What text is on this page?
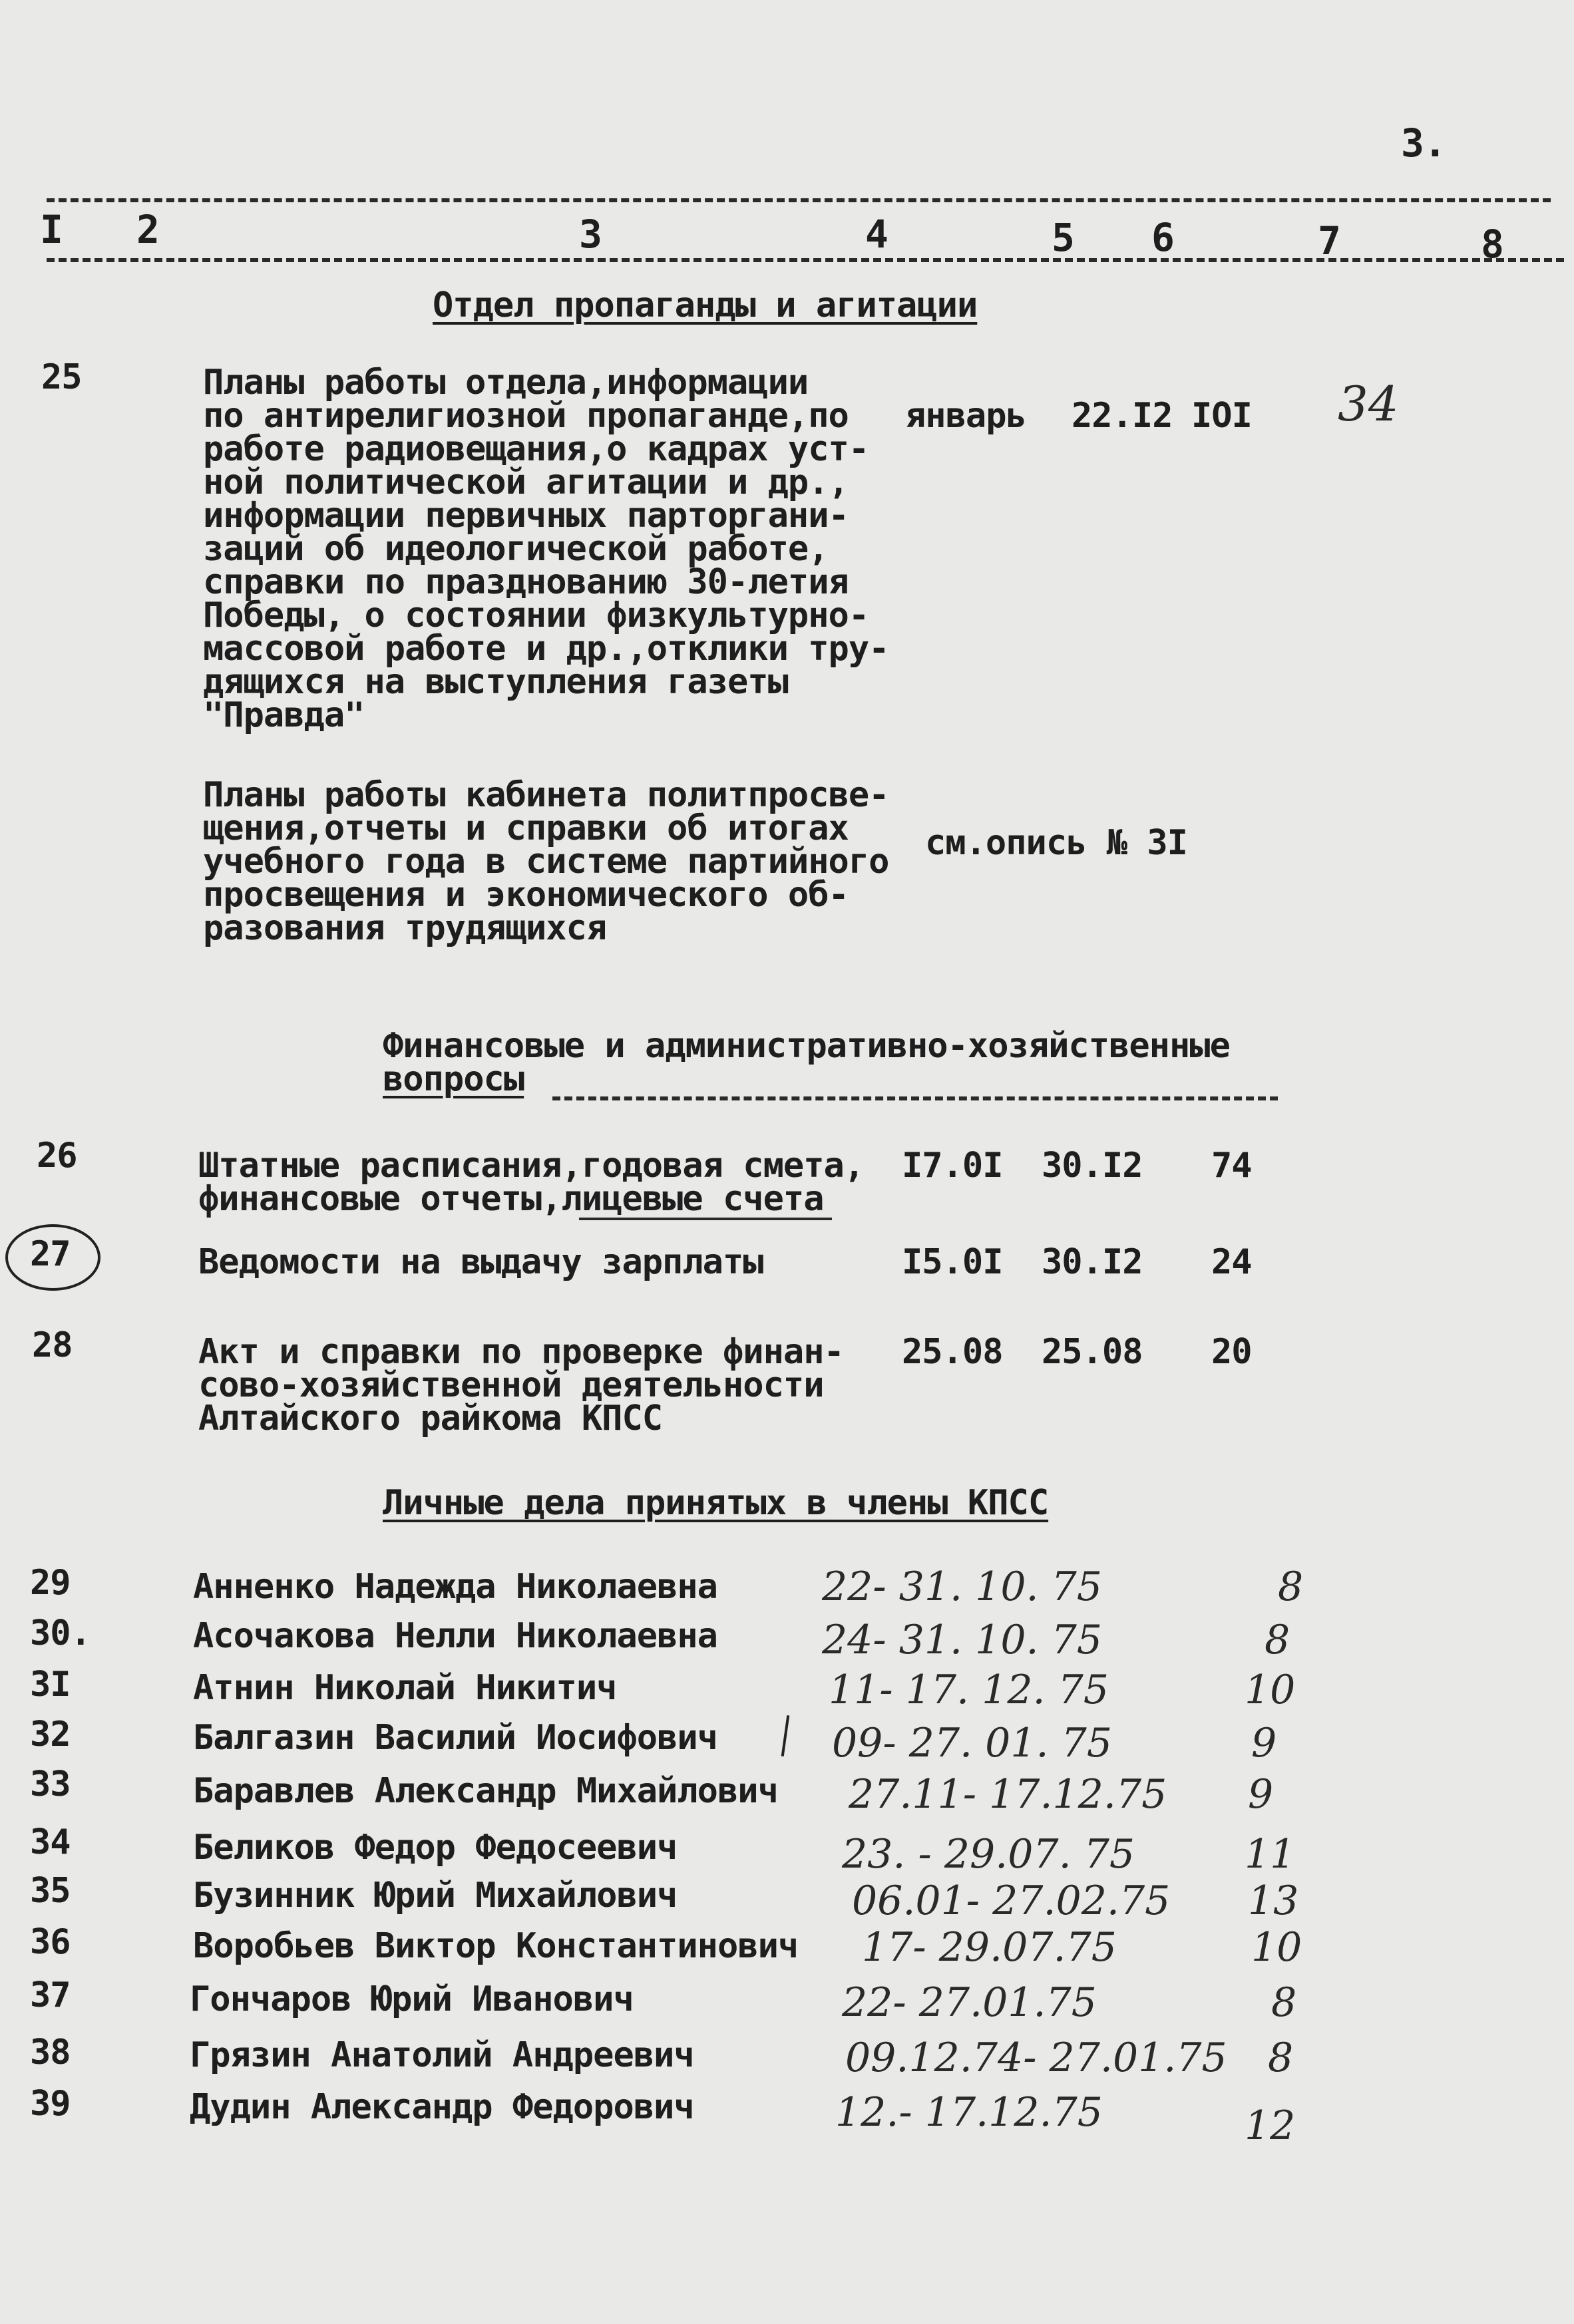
3.
I 2	3	4	5 6	7	8
Отдел пропаганды и агитации
25	Планы работы отдела,информации
по антирелигиозной пропаганде,по
работе радиовещания,о кадрах уст-
ной политической агитации и др.,
информации первичных парторгани-
заций об идеологической работе,
справки по празднованию 30-летия
Победы, о состоянии физкультурно-
массовой работе и др.,отклики тру-
дящихся на выступления газеты
"Правда"
январь 22.I2 IOI 34
Планы работы кабинета политпросве-
щения,отчеты и справки об итогах
учебного года в системе партийного
просвещения и экономического об-
разования трудящихся
см.опись № 3I
Финансовые и административно-хозяйственные
вопросы
26	Штатные расписания,годовая смета,
финансовые отчеты,лицевые счета
I7.0I 30.I2 74
27	Ведомости на выдачу зарплаты	I5.0I 30.I2 24
28	Акт и справки по проверке финан-
сово-хозяйственной деятельности
Алтайского райкома КПСС
25.08 25.08 20
Личные дела принятых в члены КПСС
29	Анненко Надежда Николаевна	22- 31. 10. 75	8
30.	Асочакова Нелли Николаевна	24- 31. 10. 75	8
3I	Атнин Николай Никитич	11- 17. 12. 75	10
32	Балгазин Василий Иосифович	09- 27. 01. 75	9
33	Баравлев Александр Михайлович 27.11- 17.12.75 9
34	Беликов Федор Федосеевич	23. - 29.07. 75	11
35	Бузинник Юрий Михайлович	06.01- 27.02.75 13
36	Воробьев Виктор Константинович 17- 29.07.75	10
37	Гончаров Юрий Иванович	22- 27.01.75	8
38	Грязин Анатолий Андреевич	09.12.74- 27.01.75 8
39	Дудин Александр Федорович	12.- 17.12.75	12
